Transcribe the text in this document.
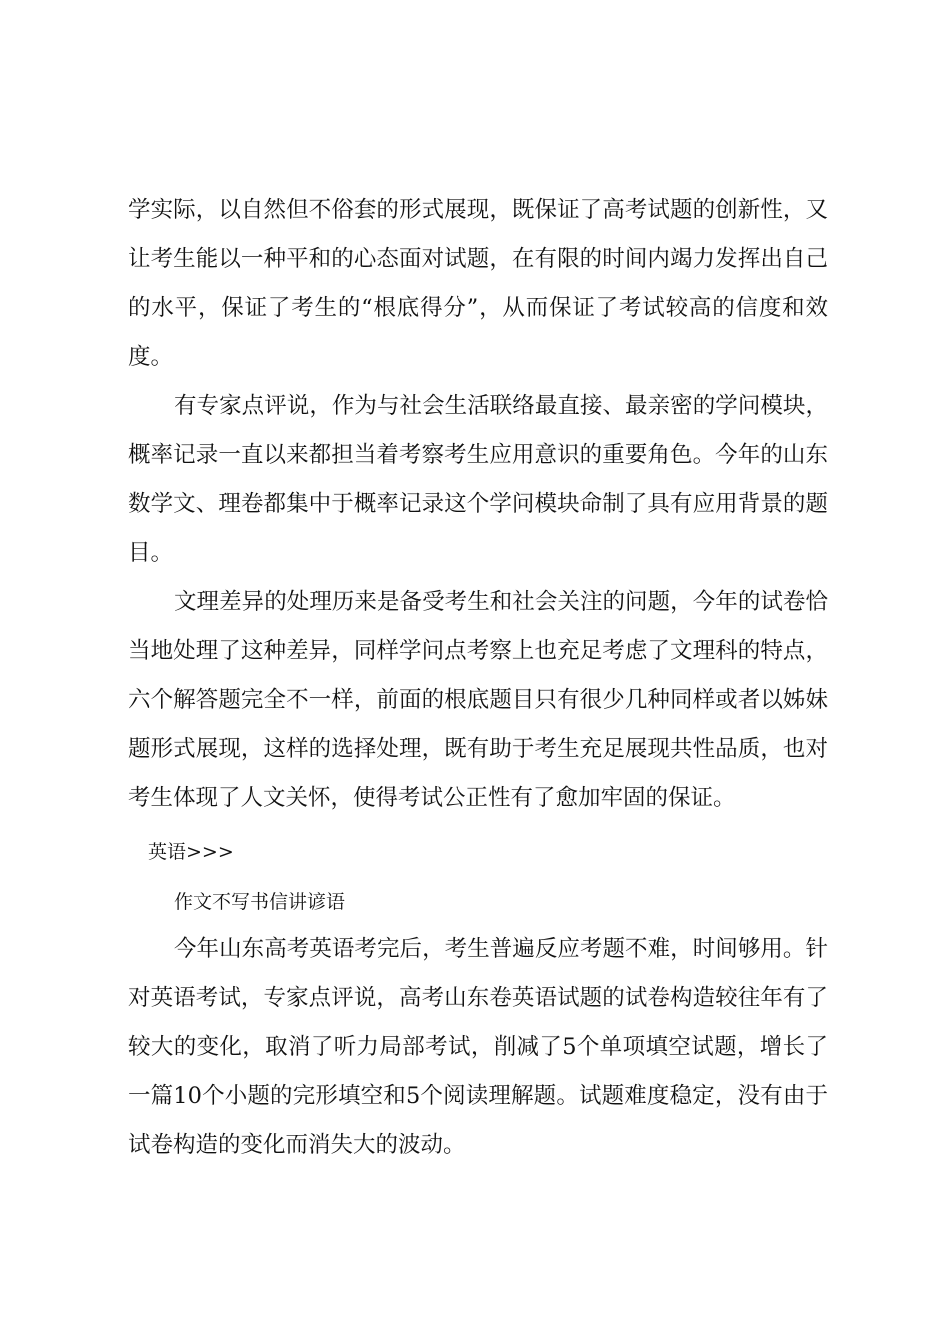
学实际，以自然但不俗套的形式展现，既保证了高考试题的创新性，又
让考生能以一种平和的心态面对试题，在有限的时间内竭力发挥出自己
的水平，保证了考生的“根底得分”，从而保证了考试较高的信度和效
度。
有专家点评说，作为与社会生活联络最直接、最亲密的学问模块，
概率记录一直以来都担当着考察考生应用意识的重要角色。今年的山东
数学文、理卷都集中于概率记录这个学问模块命制了具有应用背景的题
目。
文理差异的处理历来是备受考生和社会关注的问题，今年的试卷恰
当地处理了这种差异，同样学问点考察上也充足考虑了文理科的特点，
六个解答题完全不一样，前面的根底题目只有很少几种同样或者以姊妹
题形式展现，这样的选择处理，既有助于考生充足展现共性品质，也对
考生体现了人文关怀，使得考试公正性有了愈加牢固的保证。
英语>>>
作文不写书信讲谚语
今年山东高考英语考完后，考生普遍反应考题不难，时间够用。针
对英语考试，专家点评说，高考山东卷英语试题的试卷构造较往年有了
较大的变化，取消了听力局部考试，削减了5个单项填空试题，增长了
一篇10个小题的完形填空和5个阅读理解题。试题难度稳定，没有由于
试卷构造的变化而消失大的波动。
